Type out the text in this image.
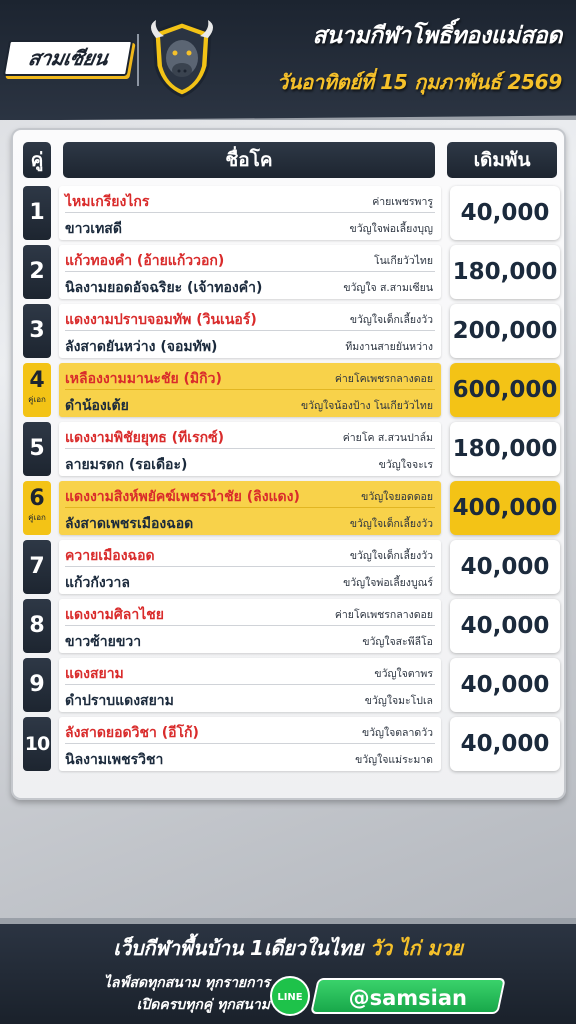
สามเซียน
สนามกีฬาโพธิ์ทองแม่สอด
วันอาทิตย์ที่ 15 กุมภาพันธ์ 2569
คู่	ชื่อโค	เดิมพัน
1	ไหมเกรียงไกร	ค่ายเพชรพารู
ขาวเทสดี	ขวัญใจพ่อเลี้ยงบุญ
40,000
2	แก้วทองคำ (อ้ายแก้ววอก)	โนเกียวัวไทย
นิลงามยอดอัจฉริยะ (เจ้าทองคำ)	ขวัญใจ ส.สามเซียน
180,000
3	แดงงามปราบจอมทัพ (วินเนอร์)	ขวัญใจเด็กเลี้ยงวัว
ลังสาดยันหว่าง (จอมทัพ)	ทีมงานสายยันหว่าง
200,000
4
คู่เอก
เหลืองงามมานะชัย (มิกิว)	ค่ายโคเพชรกลางดอย
ดำน้องเต้ย	ขวัญใจน้องป้าง โนเกียวัวไทย
600,000
5	แดงงามพิชัยยุทธ (ทีเรกซ์)	ค่ายโค ส.สวนปาล์ม
ลายมรดก (รอเดือะ)	ขวัญใจจะเร
180,000
6
คู่เอก
แดงงามสิงห์พยัคฆ์เพชรนำชัย (ลิงแดง)	ขวัญใจยอดดอย
ลังสาดเพชรเมืองฉอด	ขวัญใจเด็กเลี้ยงวัว
400,000
7	ควายเมืองฉอด	ขวัญใจเด็กเลี้ยงวัว
แก้วกังวาล	ขวัญใจพ่อเลี้ยงบูณร์
40,000
8	แดงงามศิลาไชย	ค่ายโคเพชรกลางดอย
ขาวซ้ายขวา	ขวัญใจสะพีลีโอ
40,000
9	แดงสยาม	ขวัญใจตาพร
ดำปราบแดงสยาม	ขวัญใจมะโปเล
40,000
10 ลังสาดยอดวิชา (อีโก้)	ขวัญใจตลาดวัว
นิลงามเพชรวิชา	ขวัญใจแม่ระมาด
40,000
เว็บกีฬาพื้นบ้าน 1เดียวในไทย วัว ไก่ มวย
ไลฟ์สดทุกสนาม ทุกรายการ
เปิดครบทุกคู่ ทุกสนาม LINE	@samsian
